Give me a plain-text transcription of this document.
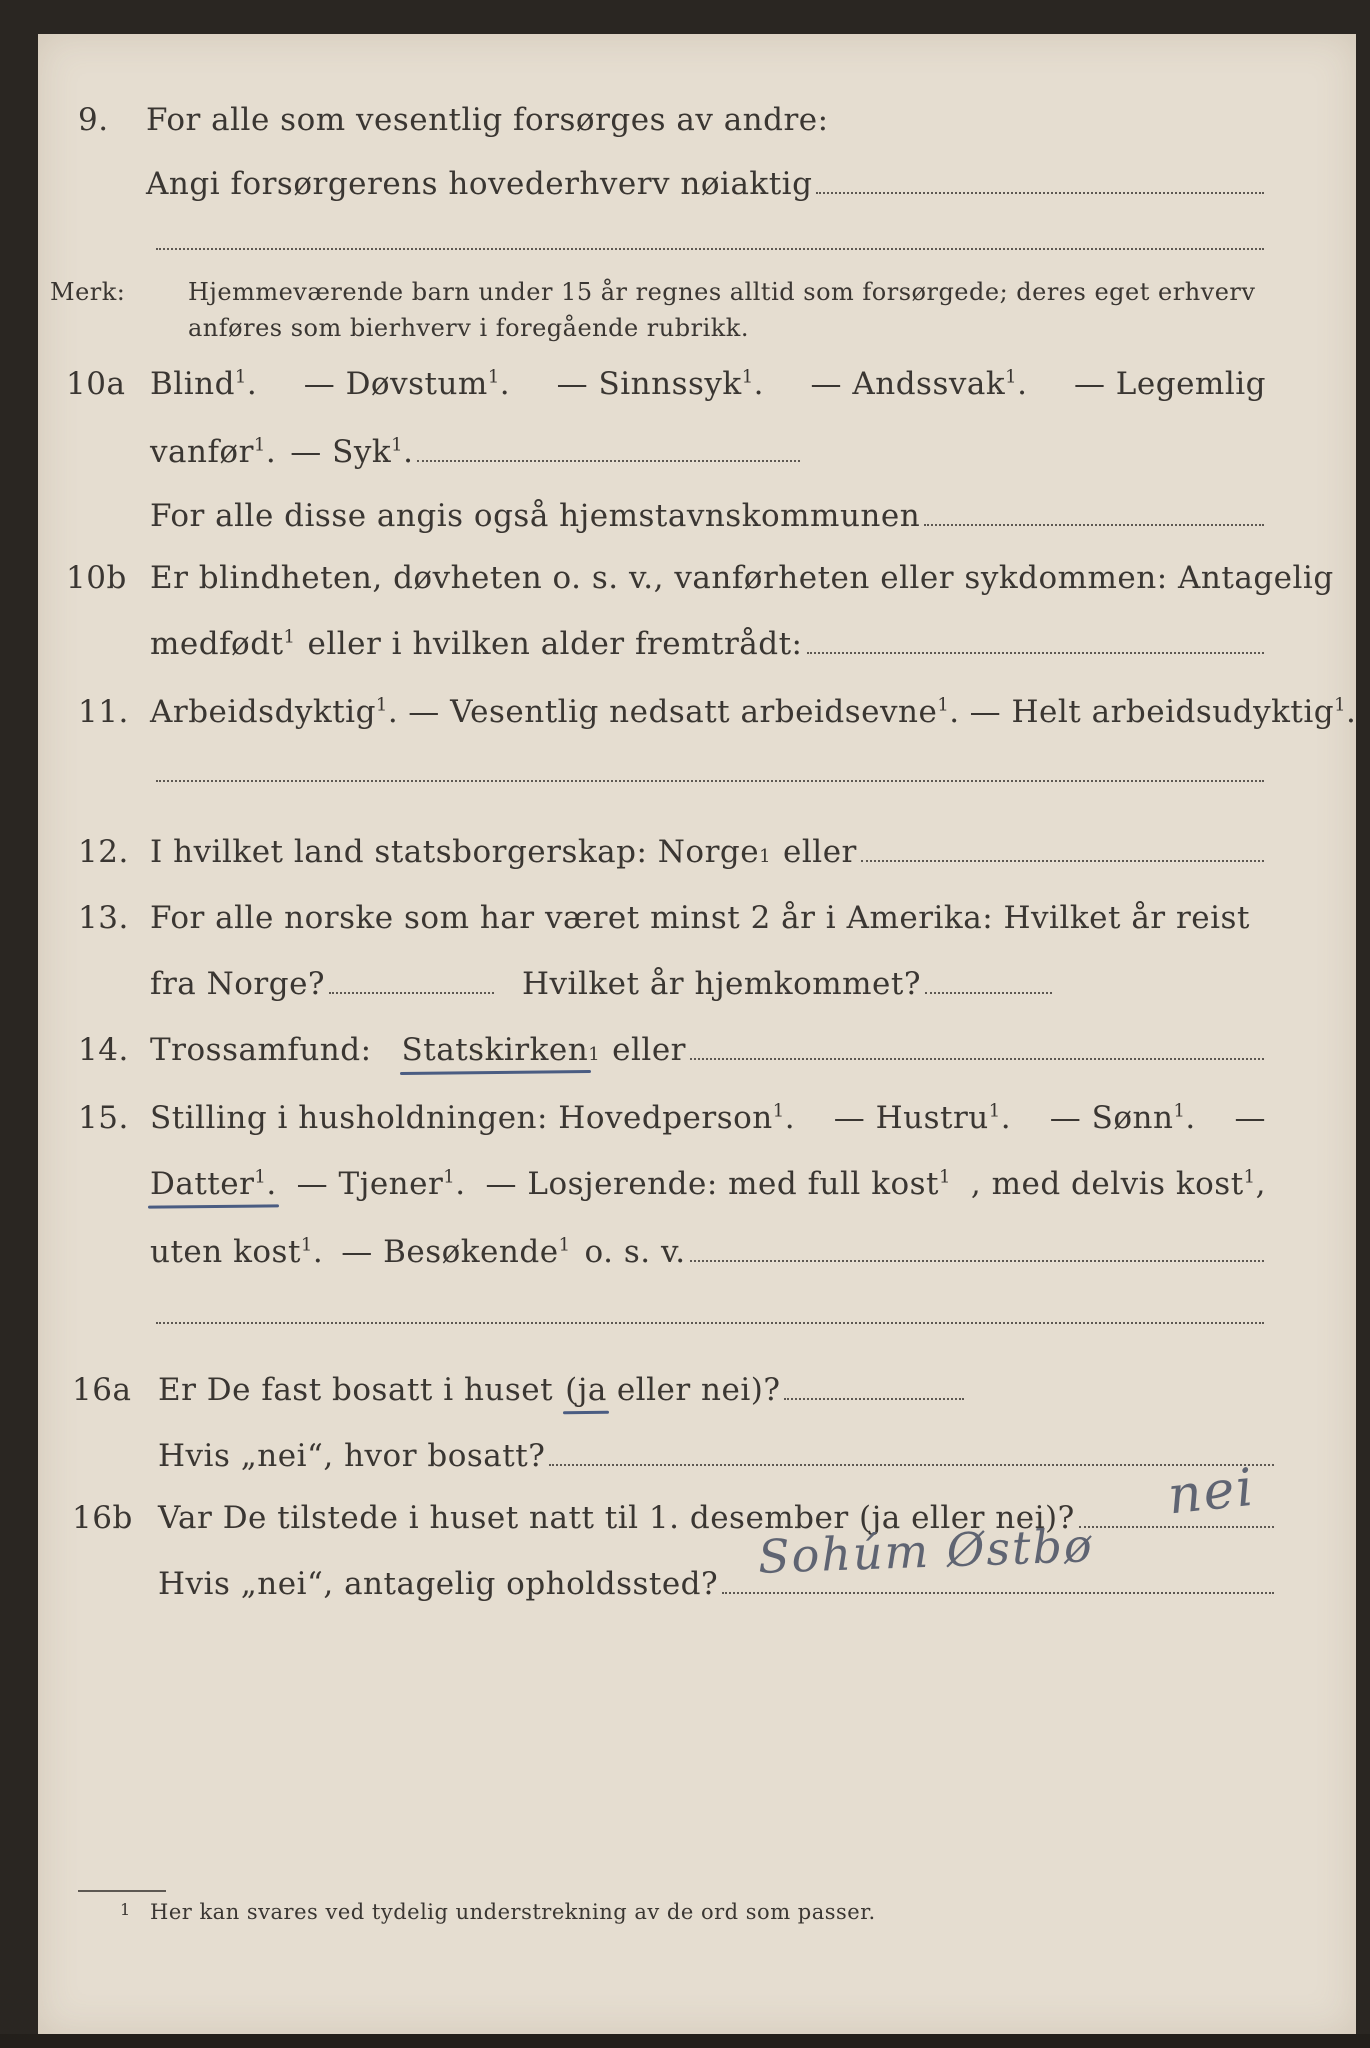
9. For alle som vesentlig forsørges av andre:
Angi forsørgerens hovederhverv nøiaktig
Merk:	Hjemmeværende barn under 15 år regnes alltid som forsørgede; deres eget erhverv
anføres som bierhverv i foregående rubrikk.
10a Blind$^1$. — Døvstum$^1$. — Sinnssyk$^1$. — Andssvak$^1$. — Legemlig
vanfør$^1$. — Syk$^1$.
For alle disse angis også hjemstavnskommunen
10b Er blindheten, døvheten o. s. v., vanførheten eller sykdommen: Antagelig
medfødt$^1$ eller i hvilken alder fremtrådt:
11. Arbeidsdyktig$^1$. — Vesentlig nedsatt arbeidsevne$^1$. — Helt arbeidsudyktig$^1$.
12. I hvilket land statsborgerskap: Norge 1 eller
13. For alle norske som har været minst 2 år i Amerika: Hvilket år reist
fra Norge?	Hvilket år hjemkommet?
14. Trossamfund: Statskirken 1 eller
15. Stilling i husholdningen: Hovedperson$^1$. — Hustru$^1$. — Sønn$^1$. —
Datter$^1$. — Tjener$^1$. — Losjerende: med full kost$^1$ , med delvis kost$^1$,
uten kost$^1$. — Besøkende$^1$ o. s. v.
16a Er De fast bosatt i huset (ja eller nei)?
Hvis „nei“, hvor bosatt?
16b Var De tilstede i huset natt til 1. desember (ja eller nei)? nei
Hvis „nei“, antagelig opholdssted?
Sohúm Østbø
1 Her kan svares ved tydelig understrekning av de ord som passer.
